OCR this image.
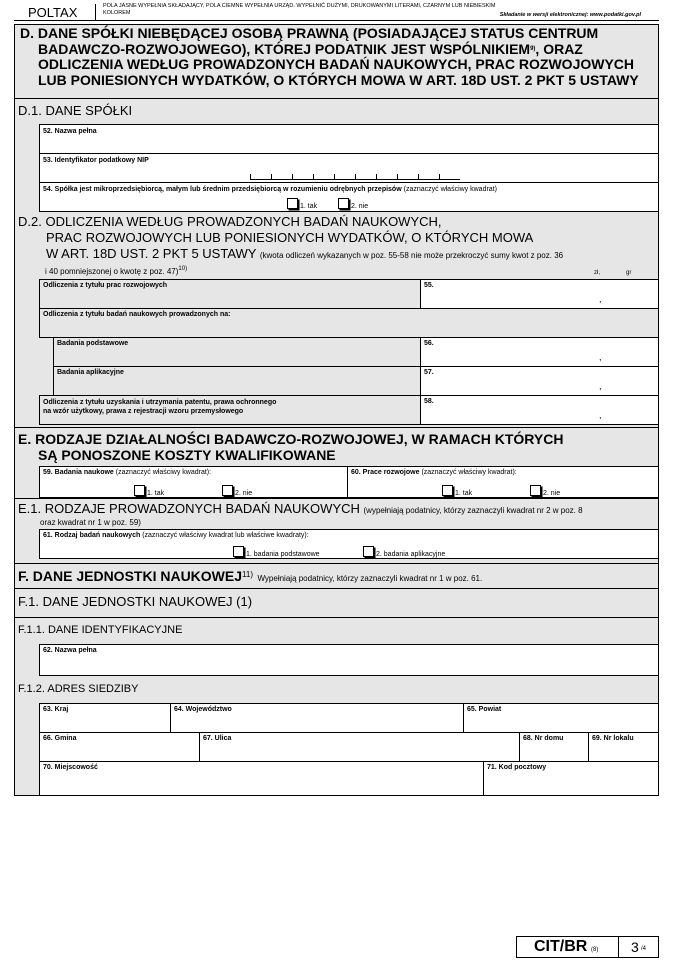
POLTAX	POLA JASNE WYPEŁNIA SKŁADAJĄCY, POLA CIEMNE WYPEŁNIA URZĄD. WYPEŁNIĆ DUŻYMI, DRUKOWANYMI LITERAMI, CZARNYM LUB NIEBIESKIM
KOLOREM	Składanie w wersji elektronicznej: www.podatki.gov.pl
D. DANE SPÓŁKI NIEBĘDĄCEJ OSOBĄ PRAWNĄ (POSIADAJĄCEJ STATUS CENTRUM
BADAWCZO-ROZWOJOWEGO), KTÓREJ PODATNIK JEST WSPÓLNIKIEM$^{9)}$, ORAZ
ODLICZENIA WEDŁUG PROWADZONYCH BADAŃ NAUKOWYCH, PRAC ROZWOJOWYCH
LUB PONIESIONYCH WYDATKÓW, O KTÓRYCH MOWA W ART. 18D UST. 2 PKT 5 USTAWY
D.1. DANE SPÓŁKI
52. Nazwa pełna
53. Identyfikator podatkowy NIP
54. Spółka jest mikroprzedsiębiorcą, małym lub średnim przedsiębiorcą w rozumieniu odrębnych przepisów (zaznaczyć właściwy kwadrat)
1. tak	2. nie
D.2. ODLICZENIA WEDŁUG PROWADZONYCH BADAŃ NAUKOWYCH,
PRAC ROZWOJOWYCH LUB PONIESIONYCH WYDATKÓW, O KTÓRYCH MOWA
W ART. 18D UST. 2 PKT 5 USTAWY (kwota odliczeń wykazanych w poz. 55-58 nie może przekroczyć sumy kwot z poz. 36
i 40 pomniejszonej o kwotę z poz. 47)$^{10)}$
zł,	gr
Odliczenia z tytułu prac rozwojowych	55.
,
Odliczenia z tytułu badań naukowych prowadzonych na:
Badania podstawowe	56.
,
Badania aplikacyjne	57.
,
Odliczenia z tytułu uzyskania i utrzymania patentu, prawa ochronnego
na wzór użytkowy, prawa z rejestracji wzoru przemysłowego
58.
,
E. RODZAJE DZIAŁALNOŚCI BADAWCZO-ROZWOJOWEJ, W RAMACH KTÓRYCH
SĄ PONOSZONE KOSZTY KWALIFIKOWANE
59. Badania naukowe (zaznaczyć właściwy kwadrat):
1. tak	2. nie
60. Prace rozwojowe (zaznaczyć właściwy kwadrat):
1. tak	2. nie
E.1. RODZAJE PROWADZONYCH BADAŃ NAUKOWYCH (wypełniają podatnicy, którzy zaznaczyli kwadrat nr 2 w poz. 8
oraz kwadrat nr 1 w poz. 59)
61. Rodzaj badań naukowych (zaznaczyć właściwy kwadrat lub właściwe kwadraty):
1. badania podstawowe	2. badania aplikacyjne
F. DANE JEDNOSTKI NAUKOWEJ$^{11)}$ Wypełniają podatnicy, którzy zaznaczyli kwadrat nr 1 w poz. 61.
F.1. DANE JEDNOSTKI NAUKOWEJ (1)
F.1.1. DANE IDENTYFIKACYJNE
62. Nazwa pełna
F.1.2. ADRES SIEDZIBY
63. Kraj	64. Województwo	65. Powiat
66. Gmina	67. Ulica	68. Nr domu	69. Nr lokalu
70. Miejscowość	71. Kod pocztowy
CIT/BR (8) 3 /4
